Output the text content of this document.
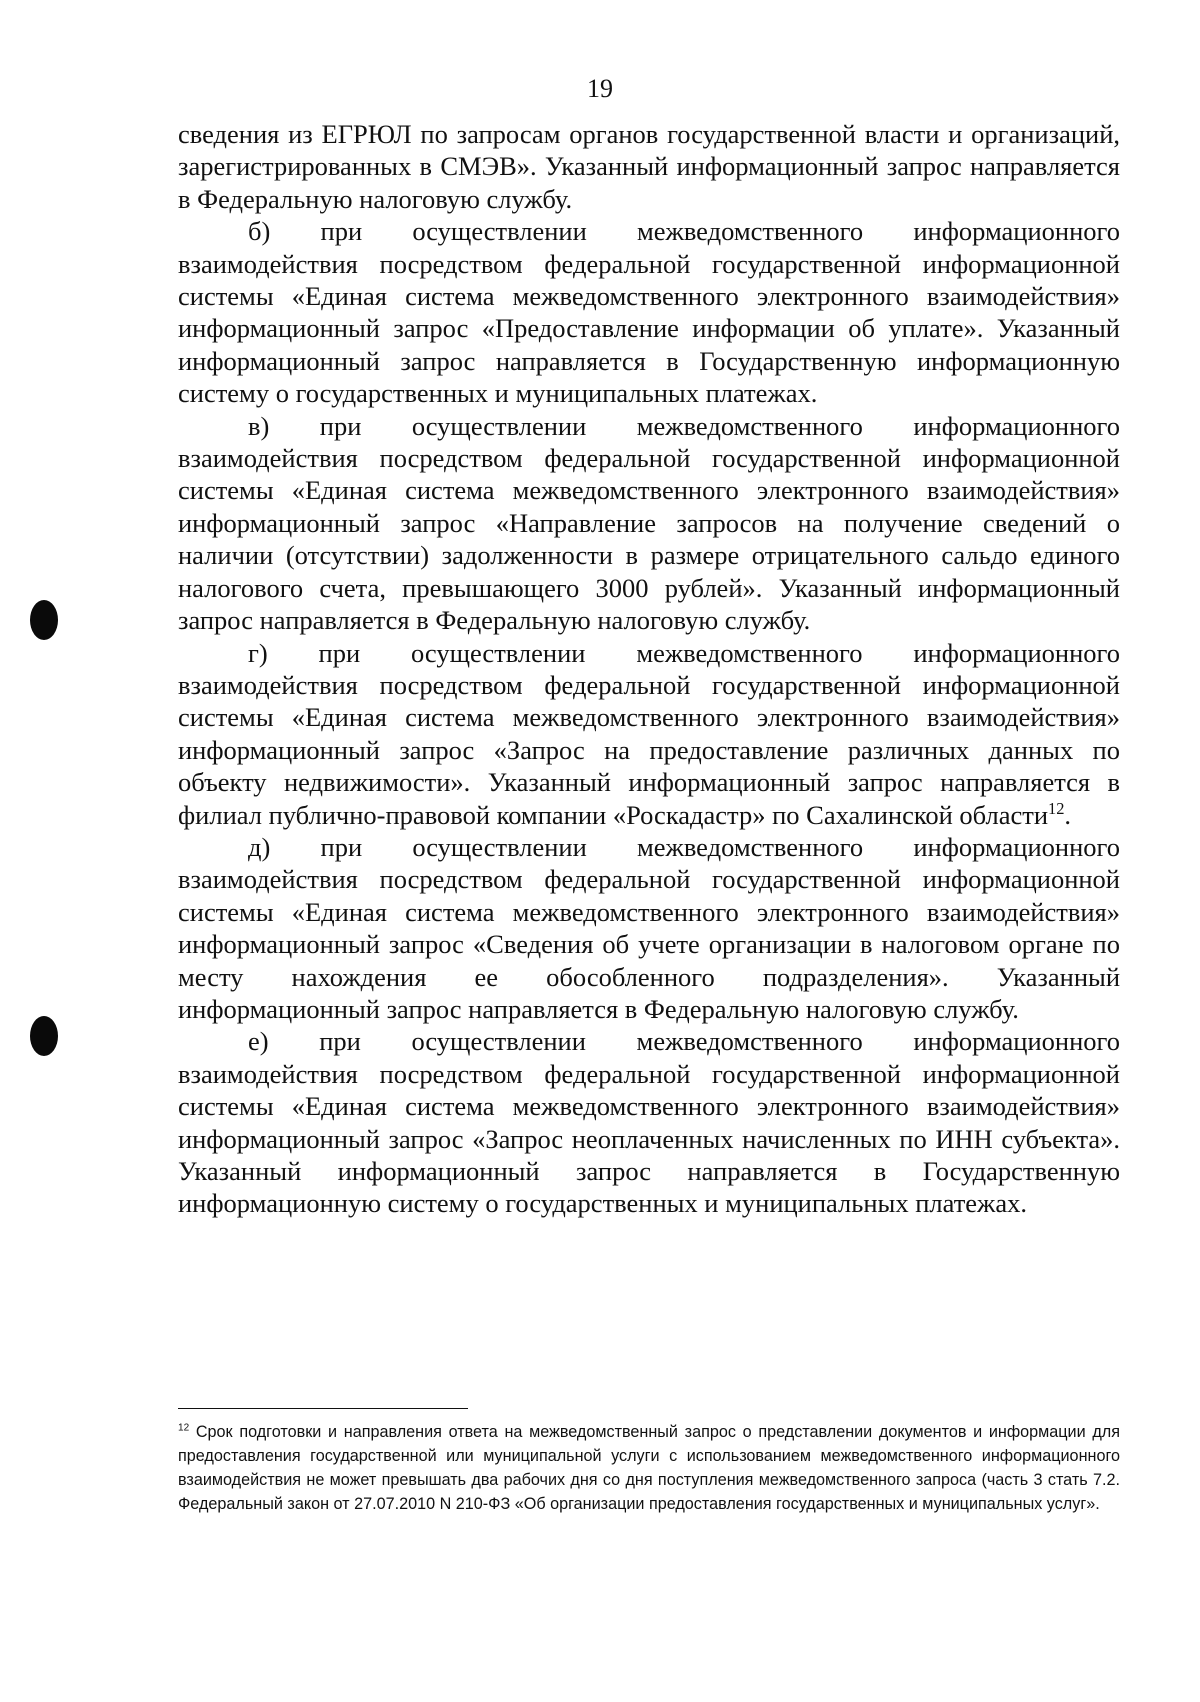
19

сведения из ЕГРЮЛ по запросам органов государственной власти и организаций, зарегистрированных в СМЭВ». Указанный информационный запрос направляется в Федеральную налоговую службу.

б) при осуществлении межведомственного информационного взаимодействия посредством федеральной государственной информационной системы «Единая система межведомственного электронного взаимодействия» информационный запрос «Предоставление информации об уплате». Указанный информационный запрос направляется в Государственную информационную систему о государственных и муниципальных платежах.

в) при осуществлении межведомственного информационного взаимодействия посредством федеральной государственной информационной системы «Единая система межведомственного электронного взаимодействия» информационный запрос «Направление запросов на получение сведений о наличии (отсутствии) задолженности в размере отрицательного сальдо единого налогового счета, превышающего 3000 рублей». Указанный информационный запрос направляется в Федеральную налоговую службу.

г) при осуществлении межведомственного информационного взаимодействия посредством федеральной государственной информационной системы «Единая система межведомственного электронного взаимодействия» информационный запрос «Запрос на предоставление различных данных по объекту недвижимости». Указанный информационный запрос направляется в филиал публично-правовой компании «Роскадастр» по Сахалинской области$^{12}$.

д) при осуществлении межведомственного информационного взаимодействия посредством федеральной государственной информационной системы «Единая система межведомственного электронного взаимодействия» информационный запрос «Сведения об учете организации в налоговом органе по месту нахождения ее обособленного подразделения». Указанный информационный запрос направляется в Федеральную налоговую службу.

е) при осуществлении межведомственного информационного взаимодействия посредством федеральной государственной информационной системы «Единая система межведомственного электронного взаимодействия» информационный запрос «Запрос неоплаченных начисленных по ИНН субъекта». Указанный информационный запрос направляется в Государственную информационную систему о государственных и муниципальных платежах.

$^{12}$ Срок подготовки и направления ответа на межведомственный запрос о представлении документов и информации для предоставления государственной или муниципальной услуги с использованием межведомственного информационного взаимодействия не может превышать два рабочих дня со дня поступления межведомственного запроса (часть 3 стать 7.2. Федеральный закон от 27.07.2010 N 210-ФЗ «Об организации предоставления государственных и муниципальных услуг».
